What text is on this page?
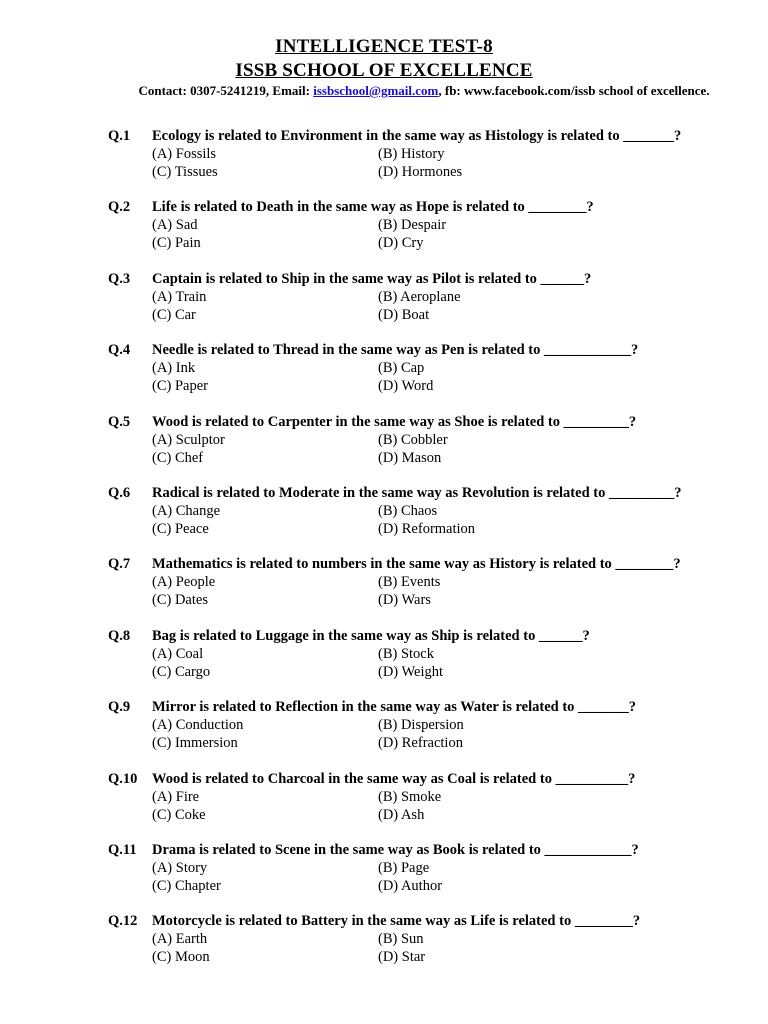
INTELLIGENCE TEST-8
ISSB SCHOOL OF EXCELLENCE
Contact: 0307-5241219, Email: issbschool@gmail.com, fb: www.facebook.com/issb school of excellence.
Q.1 Ecology is related to Environment in the same way as Histology is related to _______?
(A) Fossils	(B) History
(C) Tissues	(D) Hormones
Q.2 Life is related to Death in the same way as Hope is related to ________?
(A) Sad	(B) Despair
(C) Pain	(D) Cry
Q.3 Captain is related to Ship in the same way as Pilot is related to ______?
(A) Train	(B) Aeroplane
(C) Car	(D) Boat
Q.4 Needle is related to Thread in the same way as Pen is related to ____________?
(A) Ink	(B) Cap
(C) Paper	(D) Word
Q.5 Wood is related to Carpenter in the same way as Shoe is related to _________?
(A) Sculptor	(B) Cobbler
(C) Chef	(D) Mason
Q.6 Radical is related to Moderate in the same way as Revolution is related to _________?
(A) Change	(B) Chaos
(C) Peace	(D) Reformation
Q.7 Mathematics is related to numbers in the same way as History is related to ________?
(A) People	(B) Events
(C) Dates	(D) Wars
Q.8 Bag is related to Luggage in the same way as Ship is related to ______?
(A) Coal	(B) Stock
(C) Cargo	(D) Weight
Q.9 Mirror is related to Reflection in the same way as Water is related to _______?
(A) Conduction	(B) Dispersion
(C) Immersion	(D) Refraction
Q.10 Wood is related to Charcoal in the same way as Coal is related to __________?
(A) Fire	(B) Smoke
(C) Coke	(D) Ash
Q.11 Drama is related to Scene in the same way as Book is related to ____________?
(A) Story	(B) Page
(C) Chapter	(D) Author
Q.12 Motorcycle is related to Battery in the same way as Life is related to ________?
(A) Earth	(B) Sun
(C) Moon	(D) Star
